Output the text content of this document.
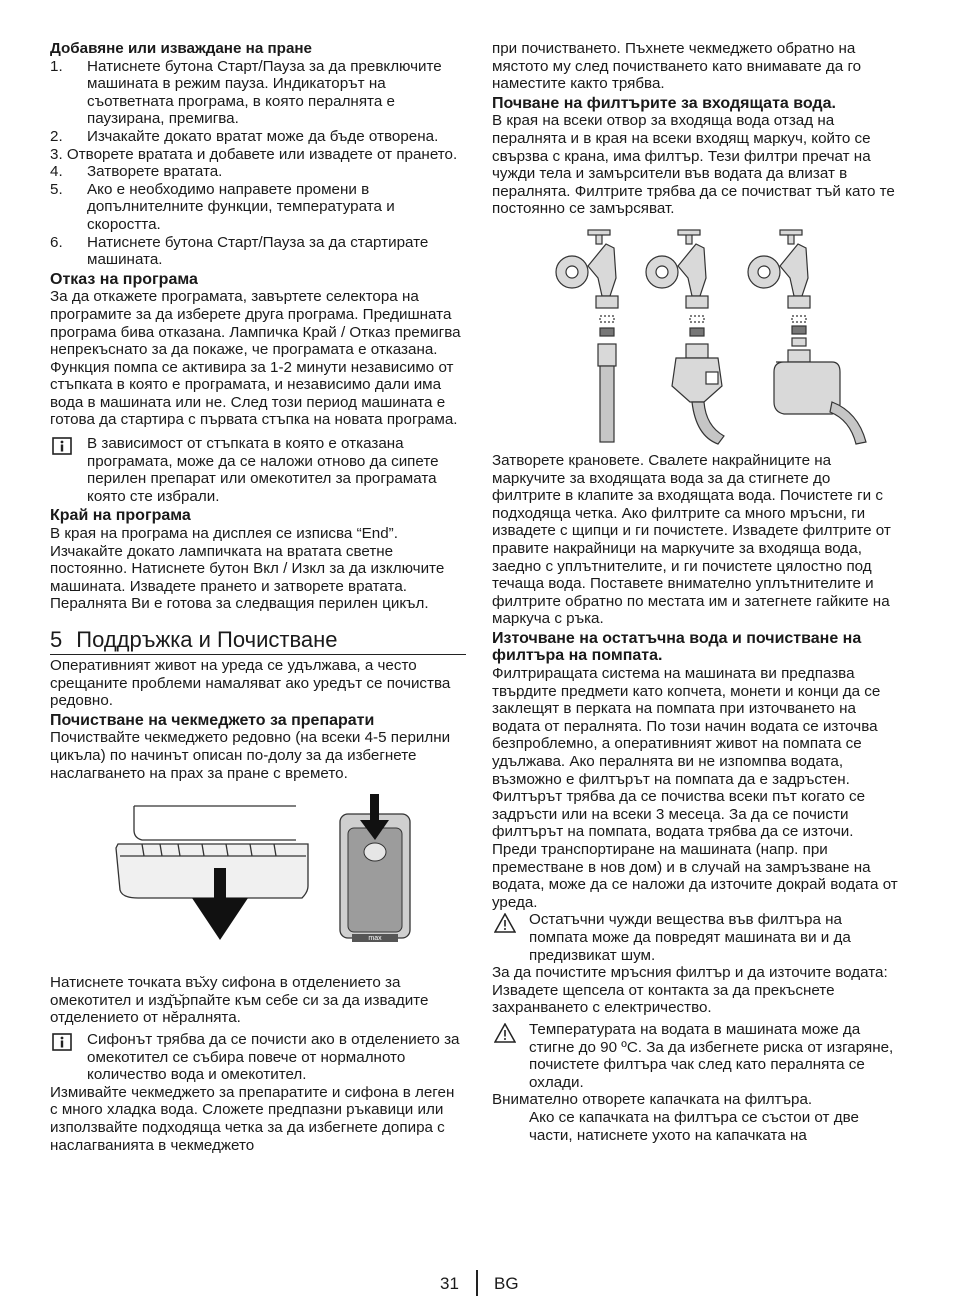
Добавяне или изваждане на пране

1. Натиснете бутона Старт/Пауза за да превключите машината в режим пауза. Индикаторът на съответната програма, в която пералнята е паузирана, премигва.
2. Изчакайте докато вратат може да бъде отворена.
3. Отворете вратата и добавете или извадете от прането.
4. Затворете вратата.
5. Ако е необходимо направете промени в допълнителните функции, температурата и скоростта.
6. Натиснете бутона Старт/Пауза за да стартирате машината.

Отказ на програма

За да откажете програмата, завъртете селектора на програмите за да изберете друга програма. Предишната програма бива отказана. Лампичка Край / Отказ премигва непрекъснато за да покаже, че програмата е отказана.

Функция помпа се активира за 1-2 минути независимо от стъпката в която е програмата, и независимо дали има вода в машината или не. След този период машината е готова да стартира с първата стъпка на новата програма.

В зависимост от стъпката в която е отказана програмата, може да се наложи отново да сипете перилен препарат или омекотител за програмата която сте избрали.

Край на програма

В края на програма на дисплея се изписва “End”. Изчакайте докато лампичката на вратата светне постоянно. Натиснете бутон Вкл / Изкл за да изключите машината. Извадете прането и затворете вратата. Пералнята Ви е готова за следващия перилен цикъл.

5 Поддръжка и Почистване

Оперативният живот на уреда се удължава, а често срещаните проблеми намаляват ако уредът се почиства редовно.

Почистване на чекмеджето за препарати

Почиствайте чекмеджето редовно (на всеки 4-5 перилни цикъла) по начинът описан по-долу за да избегнете наслагването на прах за пране с времето.

max

Натиснете точката въ̆ху сифона в отделението за омекотител и изд̆ъ̆рпайте към себе си за да извадите отделението от нӗралнята.

Сифонът трябва да се почисти ако в отделението за омекотител се събира повече от нормалното количество вода и омекотител.

Измивайте чекмеджето за препаратите и сифона в леген с много хладка вода. Сложете предпазни ръкавици или използвайте подходяща четка за да избегнете допира с наслагванията в чекмеджето

при почистването. Пъхнете чекмеджето обратно на мястото му след почистването като внимавате да го наместите както трябва.

Почване на филтърите за входящата вода.

В края на всеки отвор за входяща вода отзад на пералнята и в края на всеки входящ маркуч, който се свързва с крана, има филтър. Тези филтри пречат на чужди тела и замърсители във водата да влизат в пералнята. Филтрите трябва да се почистват тъй като те постоянно се замърсяват.

Затворете крановете. Свалете накрайниците на маркучите за входящата вода за да стигнете до филтрите в клапите за входящата вода. Почистете ги с подходяща четка. Ако филтрите са много мръсни, ги извадете с щипци и ги почистете. Извадете филтрите от правите накрайници на маркучите за входяща вода, заедно с уплътнителите, и ги почистете цялостно под течаща вода. Поставете внимателно уплътнителите и филтрите обратно по местата им и затегнете гайките на маркуча с ръка.

Източване на остатъчна вода и почистване на филтъра на помпата.

Филтриращата система на машината ви предпазва твърдите предмети като копчета, монети и конци да се заклещят в перката на помпата при източването на водата от пералнята. По този начин водата се източва безпроблемно, а оперативният живот на помпата се удължава. Ако пералнята ви не изпомпва водата, възможно е филтърът на помпата да е задръстен. Филтърът трябва да се почиства всеки път когато се задръсти или на всеки 3 месеца. За да се почисти филтърът на помпата, водата трябва да се източи. Преди транспортиране на машината (напр. при преместване в нов дом) и в случай на замръзване на водата, може да се наложи да източите докрай водата от уреда.

Остатъчни чужди вещества във филтъра на помпата може да повредят машината ви и да предизвикат шум.

За да почистите мръсния филтър и да източите водата:

Извадете щепсела от контакта за да прекъснете захранването с електричество.

Температурата на водата в машината може да стигне до 90 ºC. За да избегнете риска от изгаряне, почистете филтъра чак след като пералнята се охлади.

Внимателно отворете капачката на филтъра.

Ако се капачката на филтъра се състои от две части, натиснете ухото на капачката на

31 BG
